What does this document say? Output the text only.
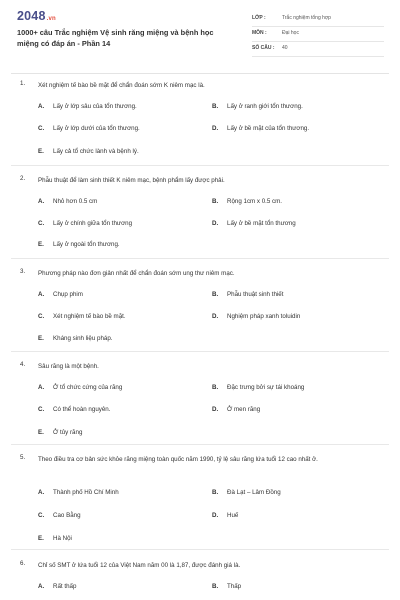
2048.vn
1000+ câu Trắc nghiệm Vệ sinh răng miệng và bệnh học miệng có đáp án - Phần 14
LỚP :	Trắc nghiệm tổng hợp
MÔN :	Đại học
SỐ CÂU : 40
1. Xét nghiệm tế bào bề mặt để chẩn đoán sớm K niêm mạc là.
A. Lấy ở lớp sâu của tổn thương.	B. Lấy ở ranh giới tổn thương.
C. Lấy ở lớp dưới của tổn thương.	D. Lấy ở bề mặt của tổn thương.
E. Lấy cả tổ chức lành và bệnh lý.
2. Phẫu thuật để làm sinh thiết K niêm mạc, bệnh phẩm lấy được phải.
A. Nhỏ hơn 0.5 cm	B. Rộng 1cm x 0.5 cm.
C. Lấy ở chính giữa tổn thương	D. Lấy ở bề mặt tổn thương
E. Lấy ở ngoài tổn thương.
3. Phương pháp nào đơn giản nhất để chẩn đoán sớm ung thư niêm mạc.
A. Chụp phim	B. Phẫu thuật sinh thiết
C. Xét nghiệm tế bào bề mặt.	D. Nghiệm pháp xanh toluidin
E. Kháng sinh liệu pháp.
4. Sâu răng là một bệnh.
A. Ở tổ chức cứng của răng	B. Đặc trưng bởi sự tái khoáng
C. Có thể hoàn nguyên.	D. Ở men răng
E. Ở tủy răng
5. Theo điều tra cơ bản sức khỏe răng miệng toàn quốc năm 1990, tỷ lệ sâu răng lứa tuổi 12 cao nhất ở.
A. Thành phố Hồ Chí Minh	B. Đà Lạt – Lâm Đồng
C. Cao Bằng	D. Huế
E. Hà Nội
6. Chỉ số SMT ở lứa tuổi 12 của Việt Nam năm 00 là 1,87, được đánh giá là.
A. Rất thấp	B. Thấp
